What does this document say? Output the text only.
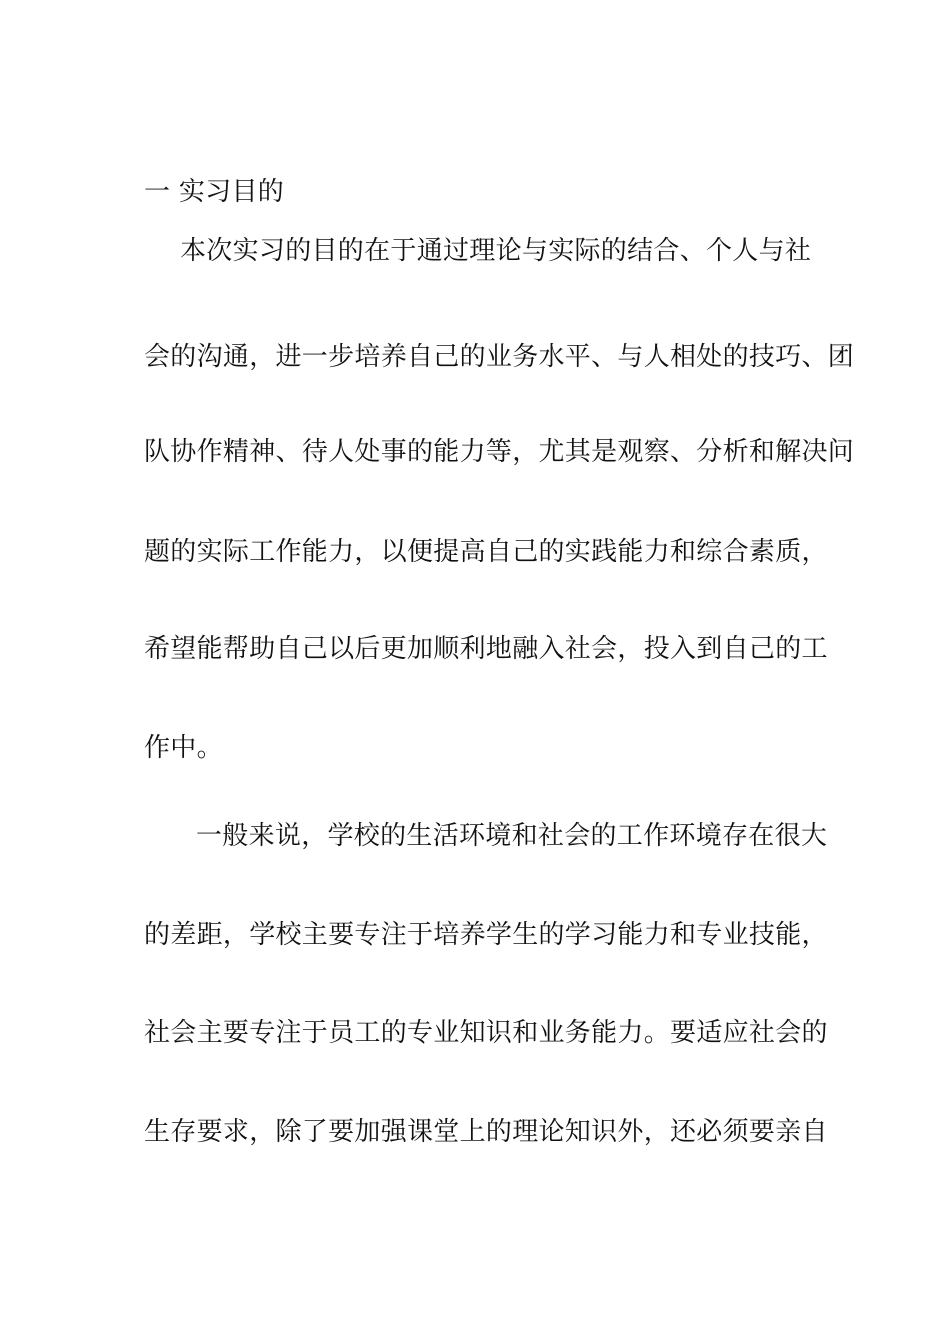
一 实习目的
本次实习的目的在于通过理论与实际的结合、个人与社
会的沟通，进一步培养自己的业务水平、与人相处的技巧、团
队协作精神、待人处事的能力等，尤其是观察、分析和解决问
题的实际工作能力，以便提高自己的实践能力和综合素质，
希望能帮助自己以后更加顺利地融入社会，投入到自己的工
作中。
一般来说，学校的生活环境和社会的工作环境存在很大
的差距，学校主要专注于培养学生的学习能力和专业技能，
社会主要专注于员工的专业知识和业务能力。要适应社会的
生存要求，除了要加强课堂上的理论知识外，还必须要亲自
